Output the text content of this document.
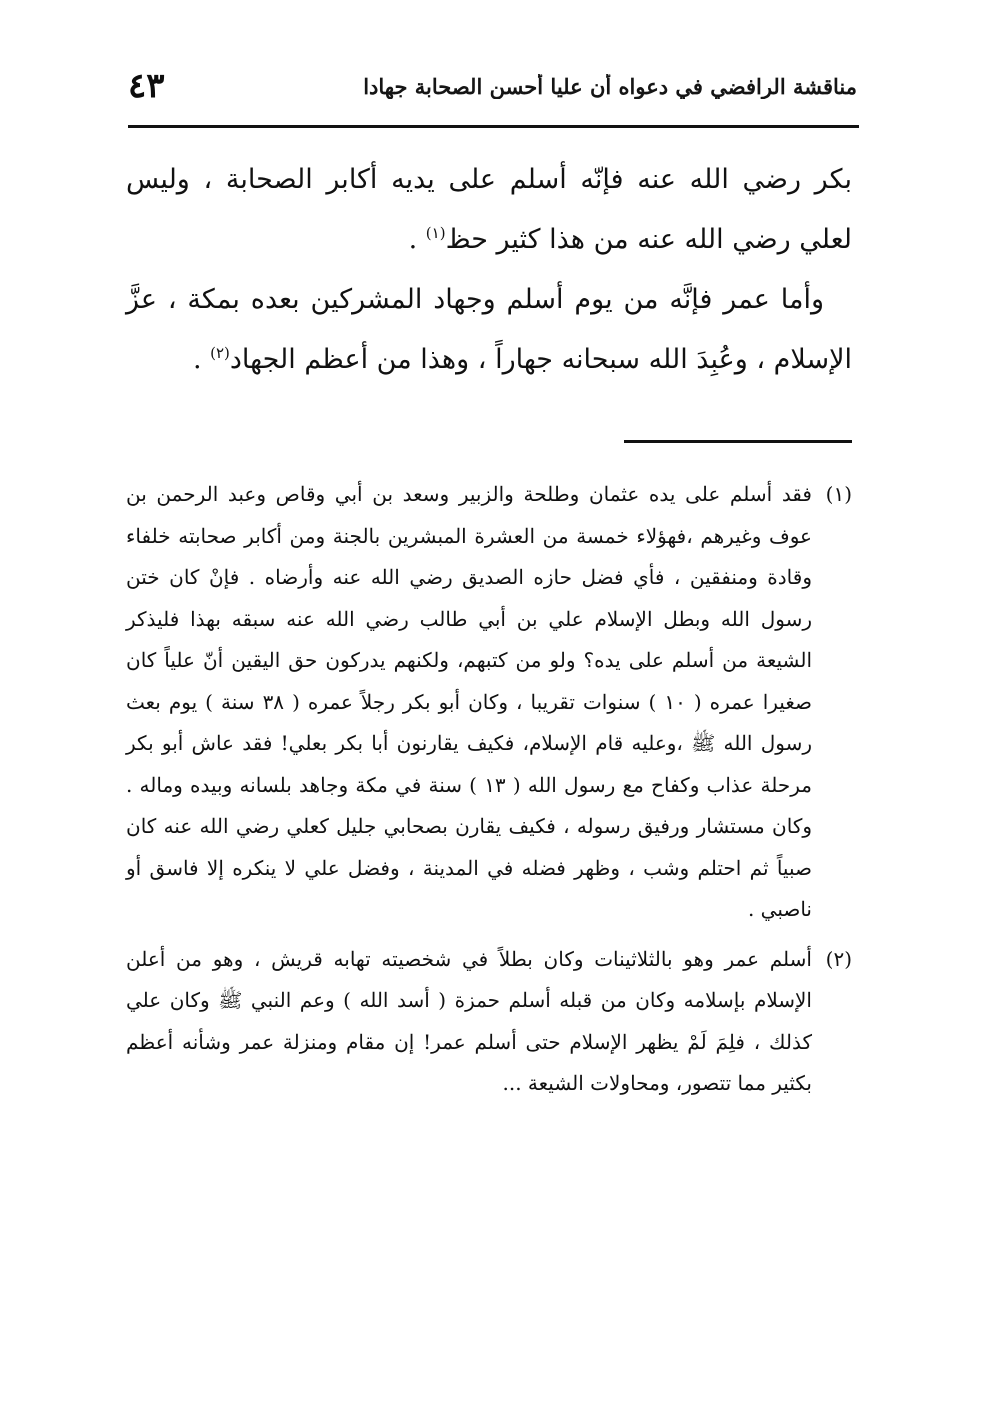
مناقشة الرافضي في دعواه أن عليا أحسن الصحابة جهادا
٤٣

بكر رضي الله عنه فإنّه أسلم على يديه أكابر الصحابة ، وليس لعلي رضي الله عنه من هذا كثير حظ$^{(١)}$ .

وأما عمر فإنَّه من يوم أسلم وجهاد المشركين بعده بمكة ، عزَّ الإسلام ، وعُبِدَ الله سبحانه جهاراً ، وهذا من أعظم الجهاد$^{(٢)}$ .

(١)
فقد أسلم على يده عثمان وطلحة والزبير وسعد بن أبي وقاص وعبد الرحمن بن عوف وغيرهم ،فهؤلاء خمسة من العشرة المبشرين بالجنة ومن أكابر صحابته خلفاء وقادة ومنفقين ، فأي فضل حازه الصديق رضي الله عنه وأرضاه . فإنْ كان ختن رسول الله وبطل الإسلام علي بن أبي طالب رضي الله عنه سبقه بهذا فليذكر الشيعة من أسلم على يده؟ ولو من كتبهم، ولكنهم يدركون حق اليقين أنّ علياً كان صغيرا عمره ( ١٠ ) سنوات تقريبا ، وكان أبو بكر رجلاً عمره ( ٣٨ سنة ) يوم بعث رسول الله ﷺ ،وعليه قام الإسلام، فكيف يقارنون أبا بكر بعلي! فقد عاش أبو بكر مرحلة عذاب وكفاح مع رسول الله ( ١٣ ) سنة في مكة وجاهد بلسانه وبيده وماله . وكان مستشار ورفيق رسوله ، فكيف يقارن بصحابي جليل كعلي رضي الله عنه كان صبياً ثم احتلم وشب ، وظهر فضله في المدينة ، وفضل علي لا ينكره إلا فاسق أو ناصبي .
(٢)
أسلم عمر وهو بالثلاثينات وكان بطلاً في شخصيته تهابه قريش ، وهو من أعلن الإسلام بإسلامه وكان من قبله أسلم حمزة ( أسد الله ) وعم النبي ﷺ وكان علي كذلك ، فلِمَ لَمْ يظهر الإسلام حتى أسلم عمر! إن مقام ومنزلة عمر وشأنه أعظم بكثير مما تتصور، ومحاولات الشيعة ...
